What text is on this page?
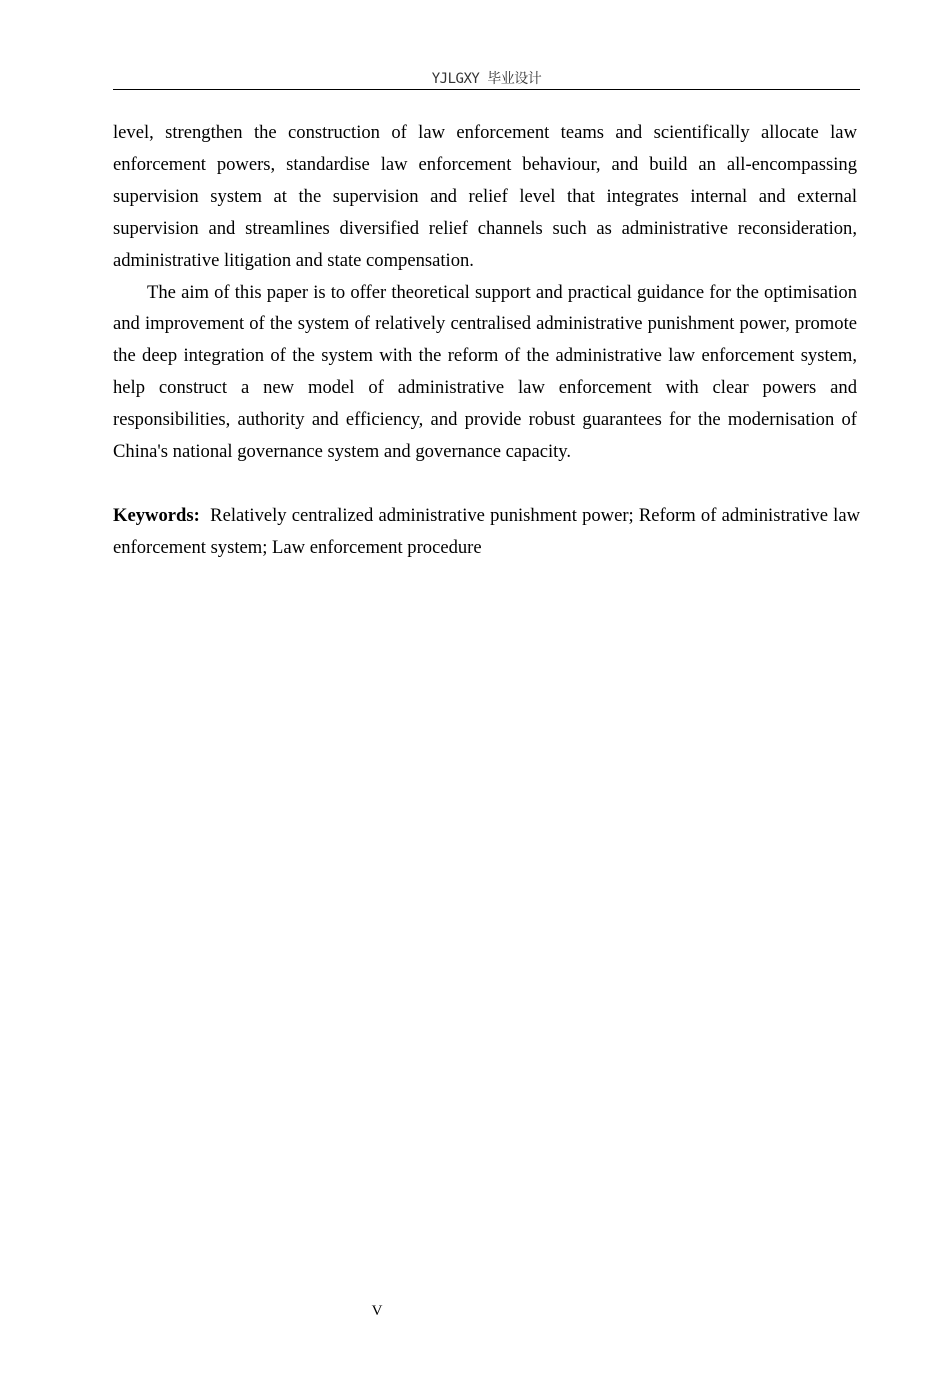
YJLGXY 毕业设计

level, strengthen the construction of law enforcement teams and scientifically allocate law enforcement powers, standardise law enforcement behaviour, and build an all-encompassing supervision system at the supervision and relief level that integrates internal and external supervision and streamlines diversified relief channels such as administrative reconsideration, administrative litigation and state compensation.

The aim of this paper is to offer theoretical support and practical guidance for the optimisation and improvement of the system of relatively centralised administrative punishment power, promote the deep integration of the system with the reform of the administrative law enforcement system, help construct a new model of administrative law enforcement with clear powers and responsibilities, authority and efficiency, and provide robust guarantees for the modernisation of China's national governance system and governance capacity.

Keywords: Relatively centralized administrative punishment power; Reform of administrative law enforcement system; Law enforcement procedure

V
